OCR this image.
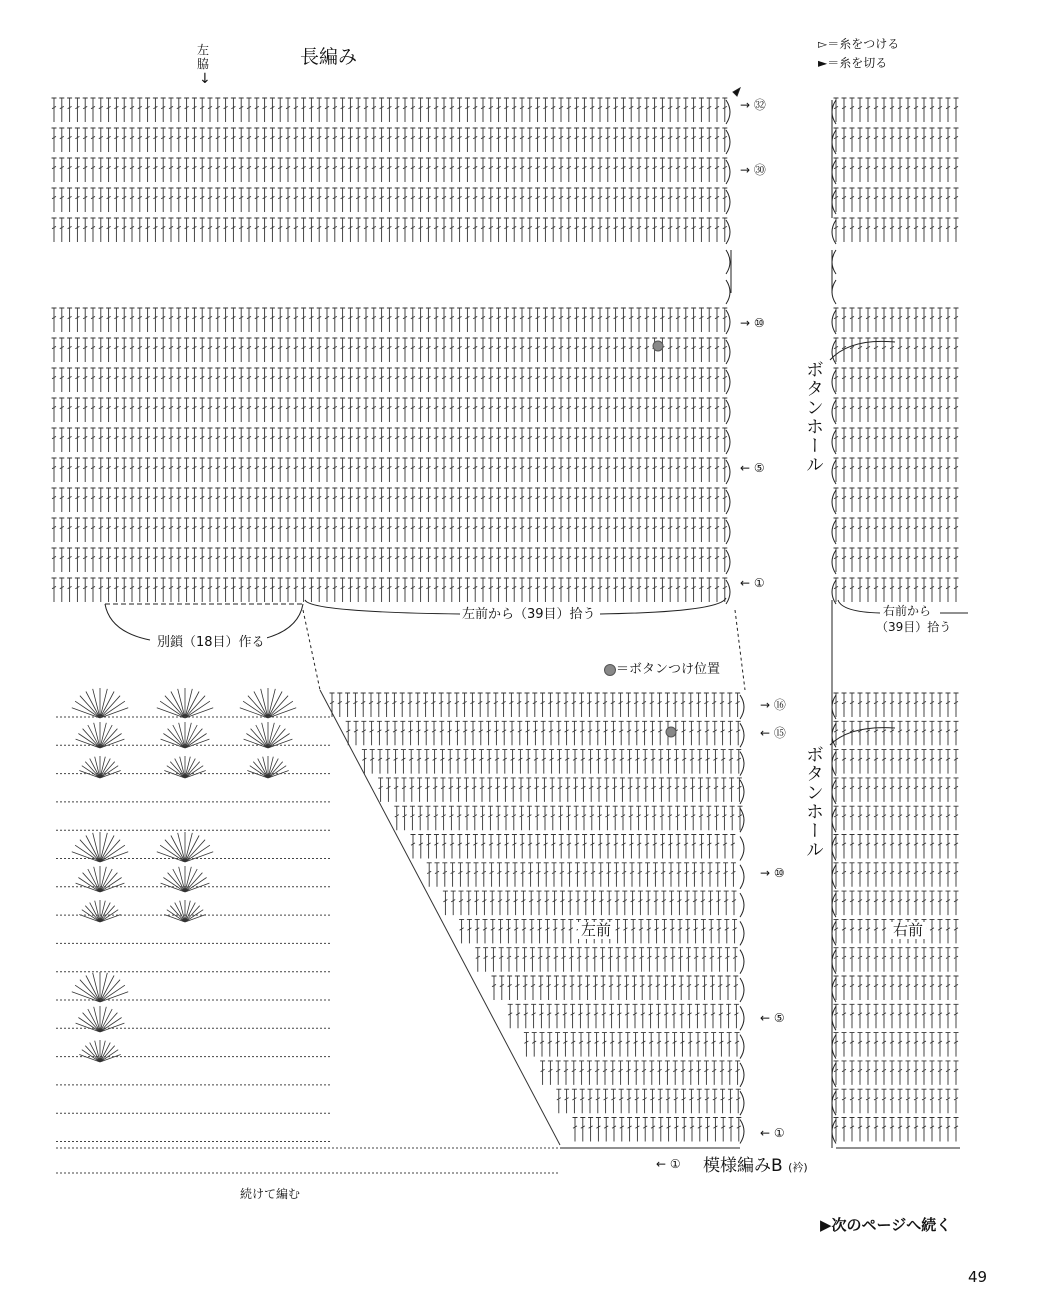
▻＝糸をつける
►＝糸を切る
長編み
左
脇
↓
→ ㉜
→ ㉚
→ ⑩
← ⑤
← ①
ボタンホール
左前から（39目）拾う	右前から
（39目）拾う
別鎖（18目）作る
＝ボタンつけ位置
→ ⑯
← ⑮
→ ⑩
← ⑤
← ①
← ①
ボタンホール
左前	右前
模様編みB (衿)
続けて編む
▶次のページへ続く
49
